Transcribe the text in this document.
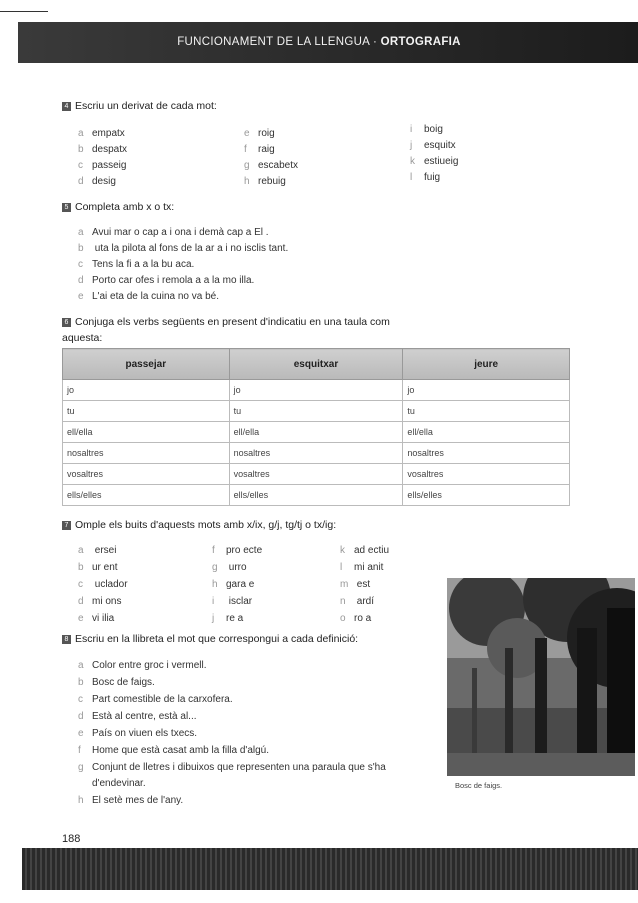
FUNCIONAMENT DE LA LLENGUA · ORTOGRAFIA
4 Escriu un derivat de cada mot:
a empatx
b despatx
c passeig
d desig
e roig
f raig
g escabetx
h rebuig
i boig
j esquitx
k estiueig
l fuig
5 Completa amb x o tx:
a Avui mar o cap a i ona i demà cap a El .
b uta la pilota al fons de la ar a i no isclis tant.
c Tens la fi a a la bu aca.
d Porto car ofes i remola a a la mo illa.
e L'ai eta de la cuina no va bé.
6 Conjuga els verbs següents en present d'indicatiu en una taula com
aquesta:
passejar	esquitxar	jeure
jo	jo	jo
tu	tu	tu
ell/ella	ell/ella	ell/ella
nosaltres	nosaltres	nosaltres
vosaltres	vosaltres	vosaltres
ells/elles	ells/elles	ells/elles
7 Omple els buits d'aquests mots amb x/ix, g/j, tg/tj o tx/ig:
a ersei
b ur ent
c uclador
d mi ons
e vi ilia
f pro ecte
g urro
h gara e
i isclar
j re a
k ad ectiu
l mi anit
m est
n ardí
o ro a
8 Escriu en la llibreta el mot que correspongui a cada definició:
a Color entre groc i vermell.
b Bosc de faigs.
c Part comestible de la carxofera.
d Està al centre, està al...
e País on viuen els txecs.
f Home que està casat amb la filla d'algú.
g Conjunt de lletres i dibuixos que representen una paraula que s'ha
d'endevinar.
h El setè mes de l'any.
Bosc de faigs.
188
